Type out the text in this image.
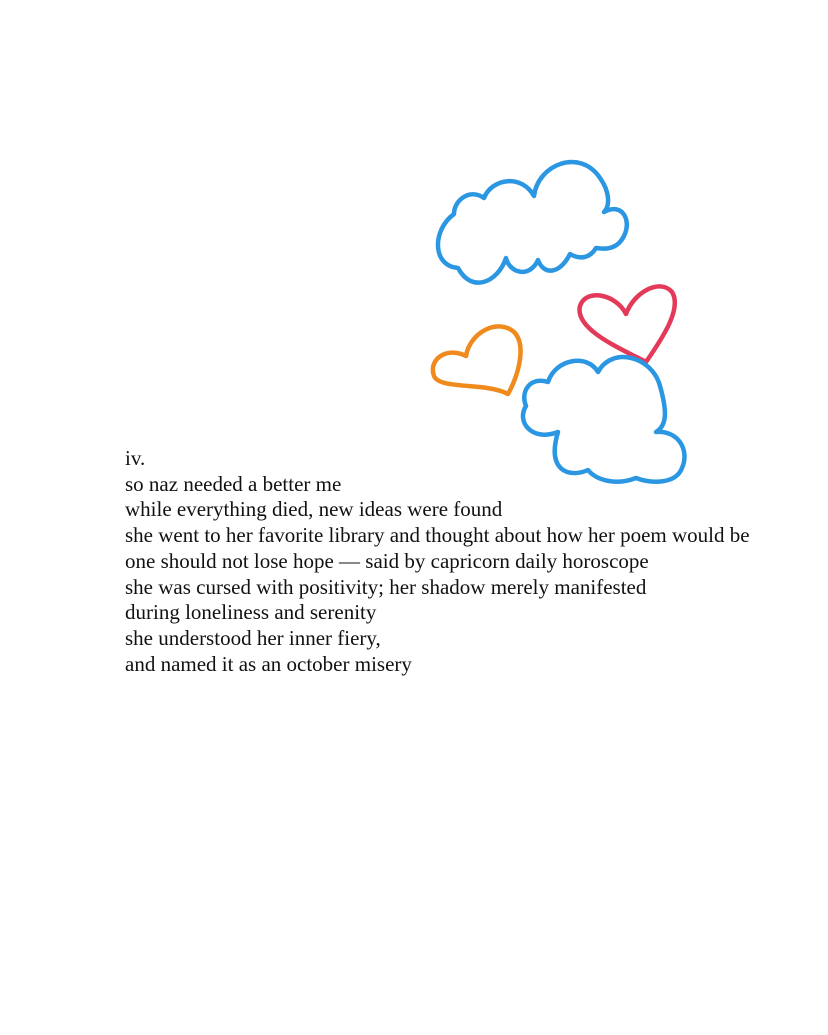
iv.
so naz needed a better me
while everything died, new ideas were found
she went to her favorite library and thought about how her poem would be
one should not lose hope — said by capricorn daily horoscope
she was cursed with positivity; her shadow merely manifested
during loneliness and serenity
she understood her inner fiery,
and named it as an october misery
